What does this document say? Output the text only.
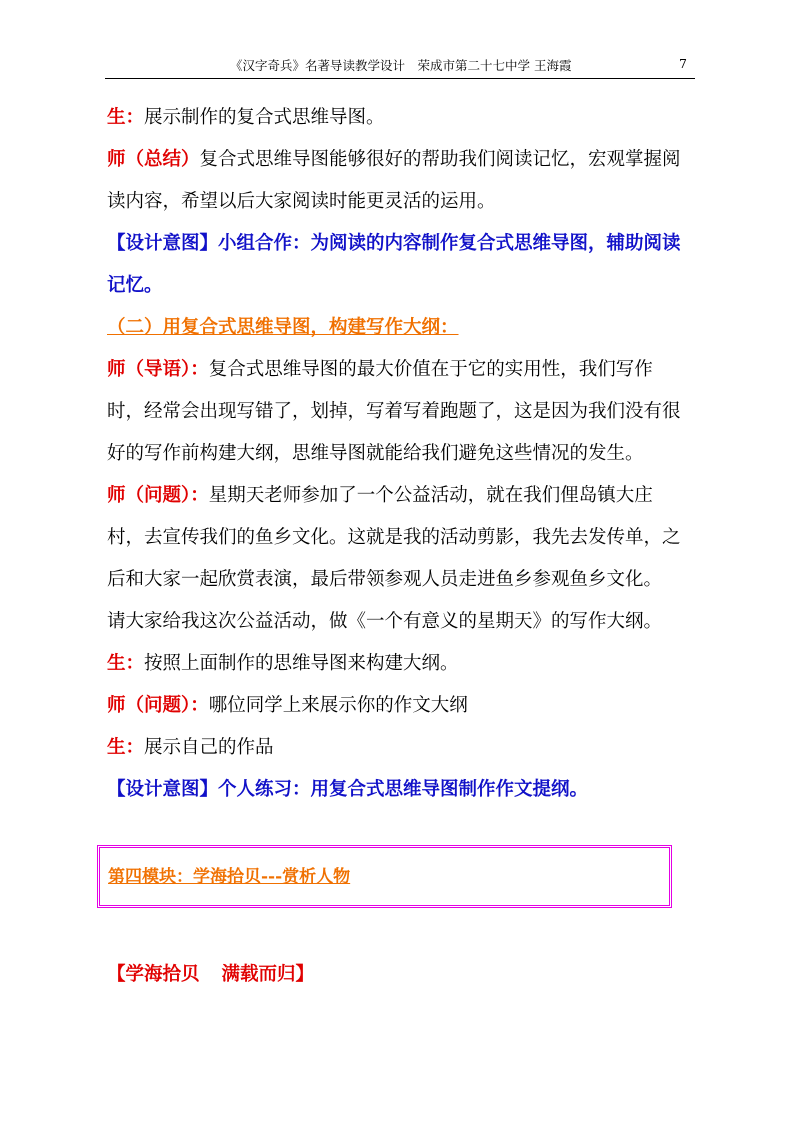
《汉字奇兵》名著导读教学设计　荣成市第二十七中学 王海霞	7
生：展示制作的复合式思维导图。
师（总结）复合式思维导图能够很好的帮助我们阅读记忆，宏观掌握阅
读内容，希望以后大家阅读时能更灵活的运用。
【设计意图】小组合作：为阅读的内容制作复合式思维导图，辅助阅读
记忆。
（二）用复合式思维导图，构建写作大纲：
师（导语）：复合式思维导图的最大价值在于它的实用性，我们写作
时，经常会出现写错了，划掉，写着写着跑题了，这是因为我们没有很
好的写作前构建大纲，思维导图就能给我们避免这些情况的发生。
师（问题）：星期天老师参加了一个公益活动，就在我们俚岛镇大庄
村，去宣传我们的鱼乡文化。这就是我的活动剪影，我先去发传单，之
后和大家一起欣赏表演，最后带领参观人员走进鱼乡参观鱼乡文化。
请大家给我这次公益活动，做《一个有意义的星期天》的写作大纲。
生：按照上面制作的思维导图来构建大纲。
师（问题）：哪位同学上来展示你的作文大纲
生：展示自己的作品
【设计意图】个人练习：用复合式思维导图制作作文提纲。
第四模块：学海拾贝---赏析人物
【学海拾贝 满载而归】
